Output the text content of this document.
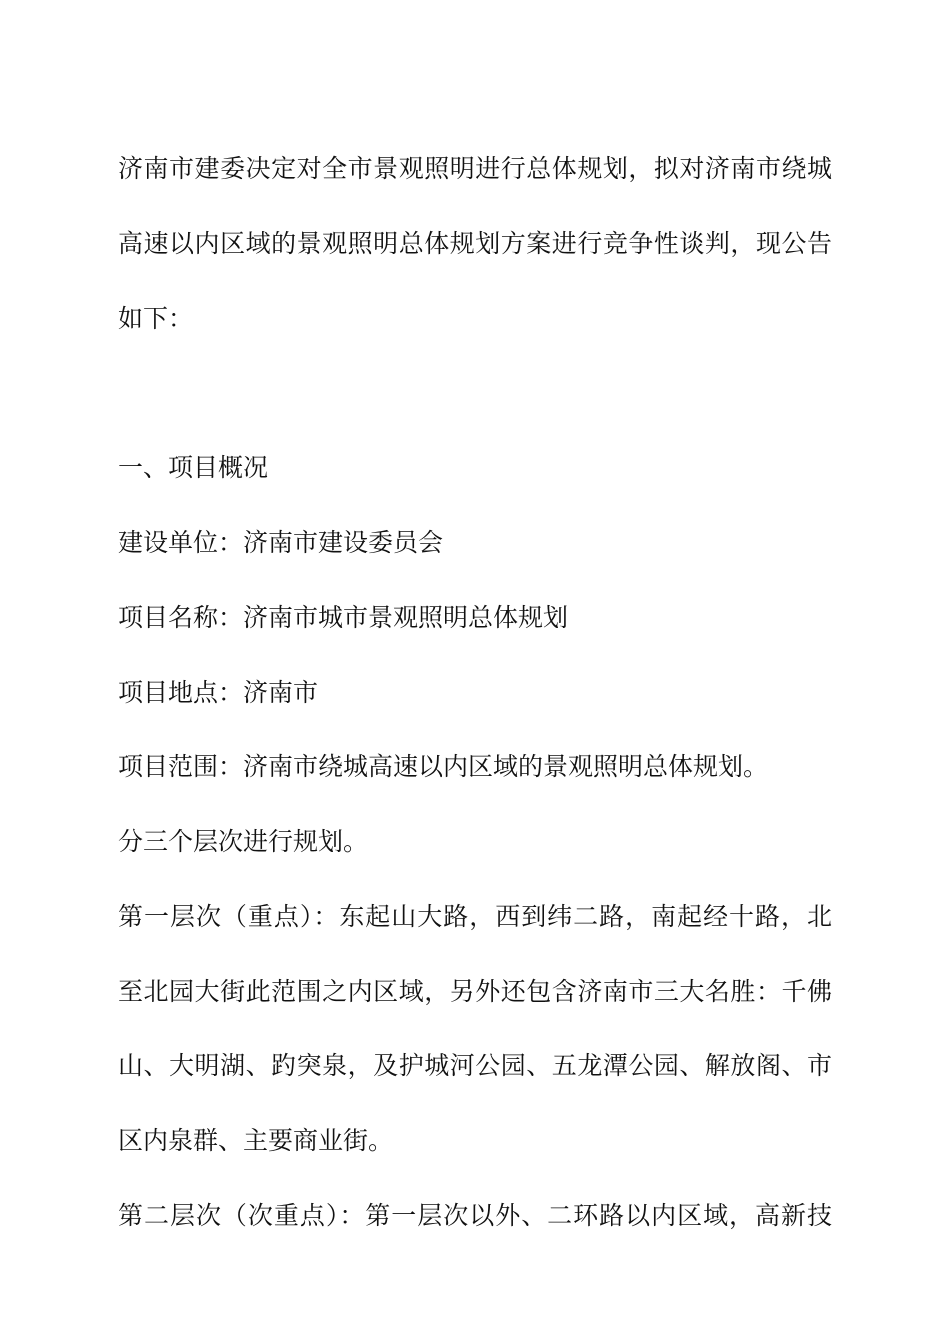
济南市建委决定对全市景观照明进行总体规划，拟对济南市绕城
高速以内区域的景观照明总体规划方案进行竞争性谈判，现公告
如下：
一、项目概况
建设单位：济南市建设委员会
项目名称：济南市城市景观照明总体规划
项目地点：济南市
项目范围：济南市绕城高速以内区域的景观照明总体规划。
分三个层次进行规划。
第一层次（重点）：东起山大路，西到纬二路，南起经十路，北
至北园大街此范围之内区域，另外还包含济南市三大名胜：千佛
山、大明湖、趵突泉，及护城河公园、五龙潭公园、解放阁、市
区内泉群、主要商业街。
第二层次（次重点）：第一层次以外、二环路以内区域，高新技
